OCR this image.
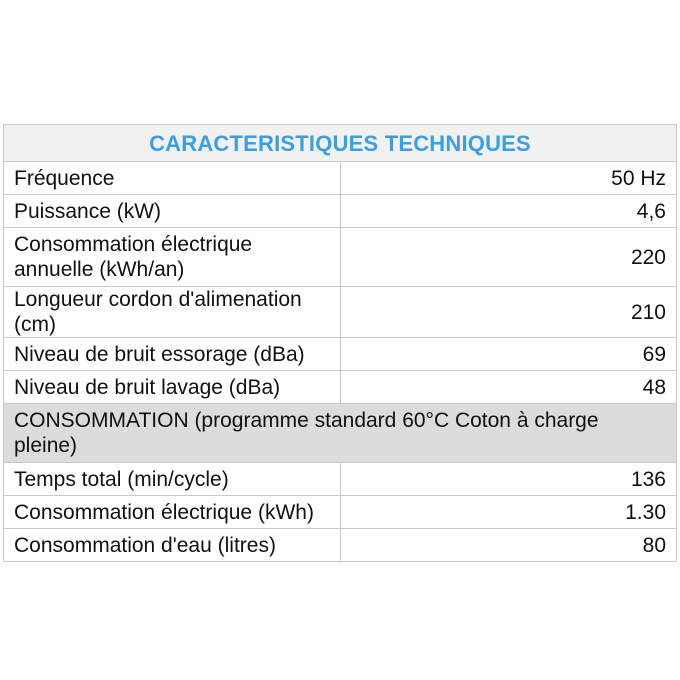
CARACTERISTIQUES TECHNIQUES	
Fréquence	50 Hz
Puissance (kW)	4,6
Consommation électrique annuelle (kWh/an)	220
Longueur cordon d'alimenation (cm)	210
Niveau de bruit essorage (dBa)	69
Niveau de bruit lavage (dBa)	48
CONSOMMATION (programme standard 60°C Coton à charge pleine)	
Temps total (min/cycle)	136
Consommation électrique (kWh)	1.30
Consommation d'eau (litres)	80
